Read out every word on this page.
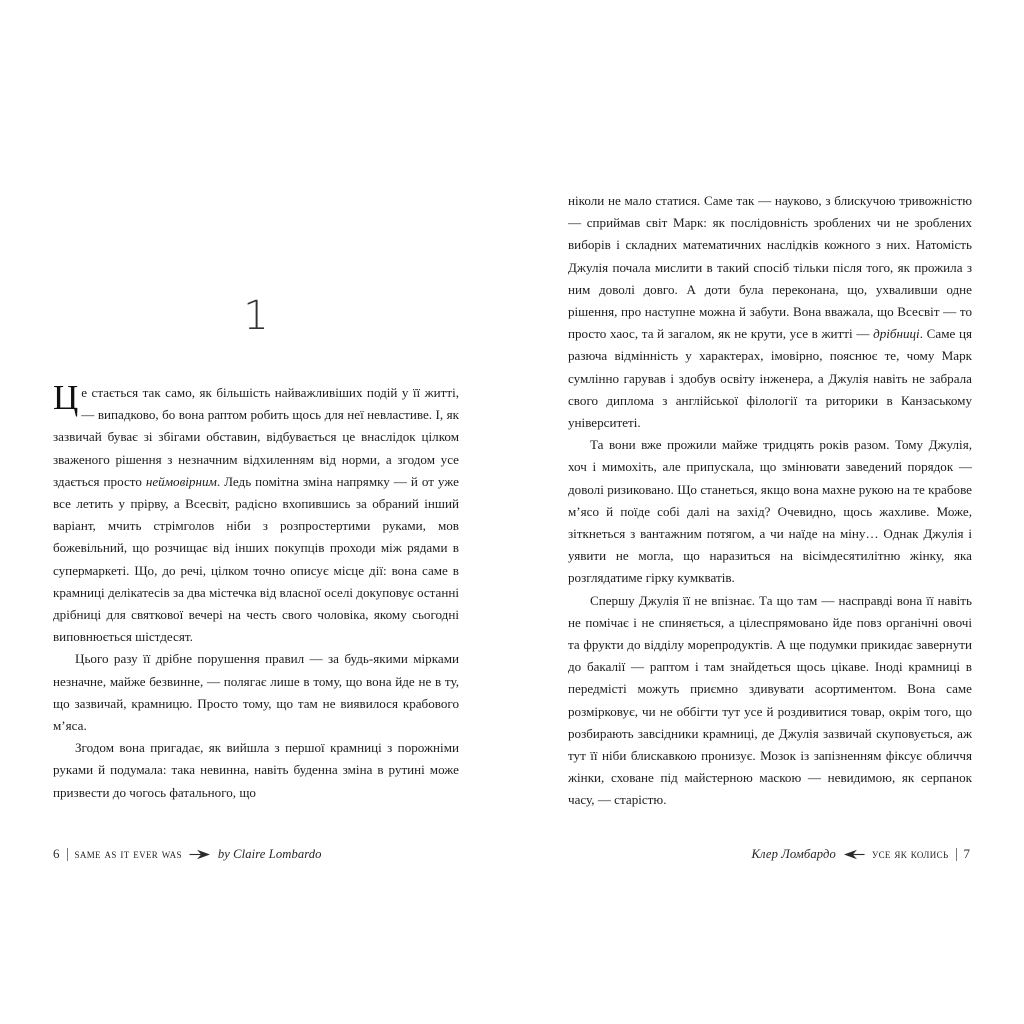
1

Це стається так само, як більшість найважливіших подій у її житті, — випадково, бо вона раптом робить щось для неї невластиве. І, як зазвичай буває зі збігами обставин, відбувається це внаслідок цілком зваженого рішення з незначним відхиленням від норми, а згодом усе здається просто неймовірним. Ледь помітна зміна напрямку — й от уже все летить у прірву, а Всесвіт, радісно вхопившись за обраний інший варіант, мчить стрімголов ніби з розпростертими руками, мов божевільний, що розчищає від інших покупців проходи між рядами в супермаркеті. Що, до речі, цілком точно описує місце дії: вона саме в крамниці делікатесів за два містечка від власної оселі докуповує останні дрібниці для святкової вечері на честь свого чоловіка, якому сьогодні виповнюється шістдесят.

Цього разу її дрібне порушення правил — за будь-якими мірками незначне, майже безвинне, — полягає лише в тому, що вона йде не в ту, що зазвичай, крамницю. Просто тому, що там не виявилося крабового м’яса.

Згодом вона пригадає, як вийшла з першої крамниці з порожніми руками й подумала: така невинна, навіть буденна зміна в рутині може призвести до чогось фатального, що

6 same as it ever was	by Claire Lombardo

ніколи не мало статися. Саме так — науково, з блискучою тривожністю — сприймав світ Марк: як послідовність зроблених чи не зроблених виборів і складних математичних наслідків кожного з них. Натомість Джулія почала мислити в такий спосіб тільки після того, як прожила з ним доволі довго. А доти була переконана, що, ухваливши одне рішення, про наступне можна й забути. Вона вважала, що Всесвіт — то просто хаос, та й загалом, як не крути, усе в житті — дрібниці. Саме ця разюча відмінність у характерах, імовірно, пояснює те, чому Марк сумлінно гарував і здобув освіту інженера, а Джулія навіть не забрала свого диплома з англійської філології та риторики в Канзаському університеті.

Та вони вже прожили майже тридцять років разом. Тому Джулія, хоч і мимохіть, але припускала, що змінювати заведений порядок — доволі ризиковано. Що станеться, якщо вона махне рукою на те крабове м’ясо й поїде собі далі на захід? Очевидно, щось жахливе. Може, зіткнеться з вантажним потягом, а чи наїде на міну… Однак Джулія і уявити не могла, що наразиться на вісімдесятилітню жінку, яка розглядатиме гірку кумкватів.

Спершу Джулія її не впізнає. Та що там — насправді вона її навіть не помічає і не спиняється, а цілеспрямовано йде повз органічні овочі та фрукти до відділу морепродуктів. А ще подумки прикидає завернути до бакалії — раптом і там знайдеться щось цікаве. Іноді крамниці в передмісті можуть приємно здивувати асортиментом. Вона саме розмірковує, чи не оббігти тут усе й роздивитися товар, окрім того, що розбирають завсідники крамниці, де Джулія зазвичай скуповується, аж тут її ніби блискавкою пронизує. Мозок із запізненням фіксує обличчя жінки, сховане під майстерною маскою — невидимою, як серпанок часу, — старістю.

Клер Ломбардо	усе як колись 7
